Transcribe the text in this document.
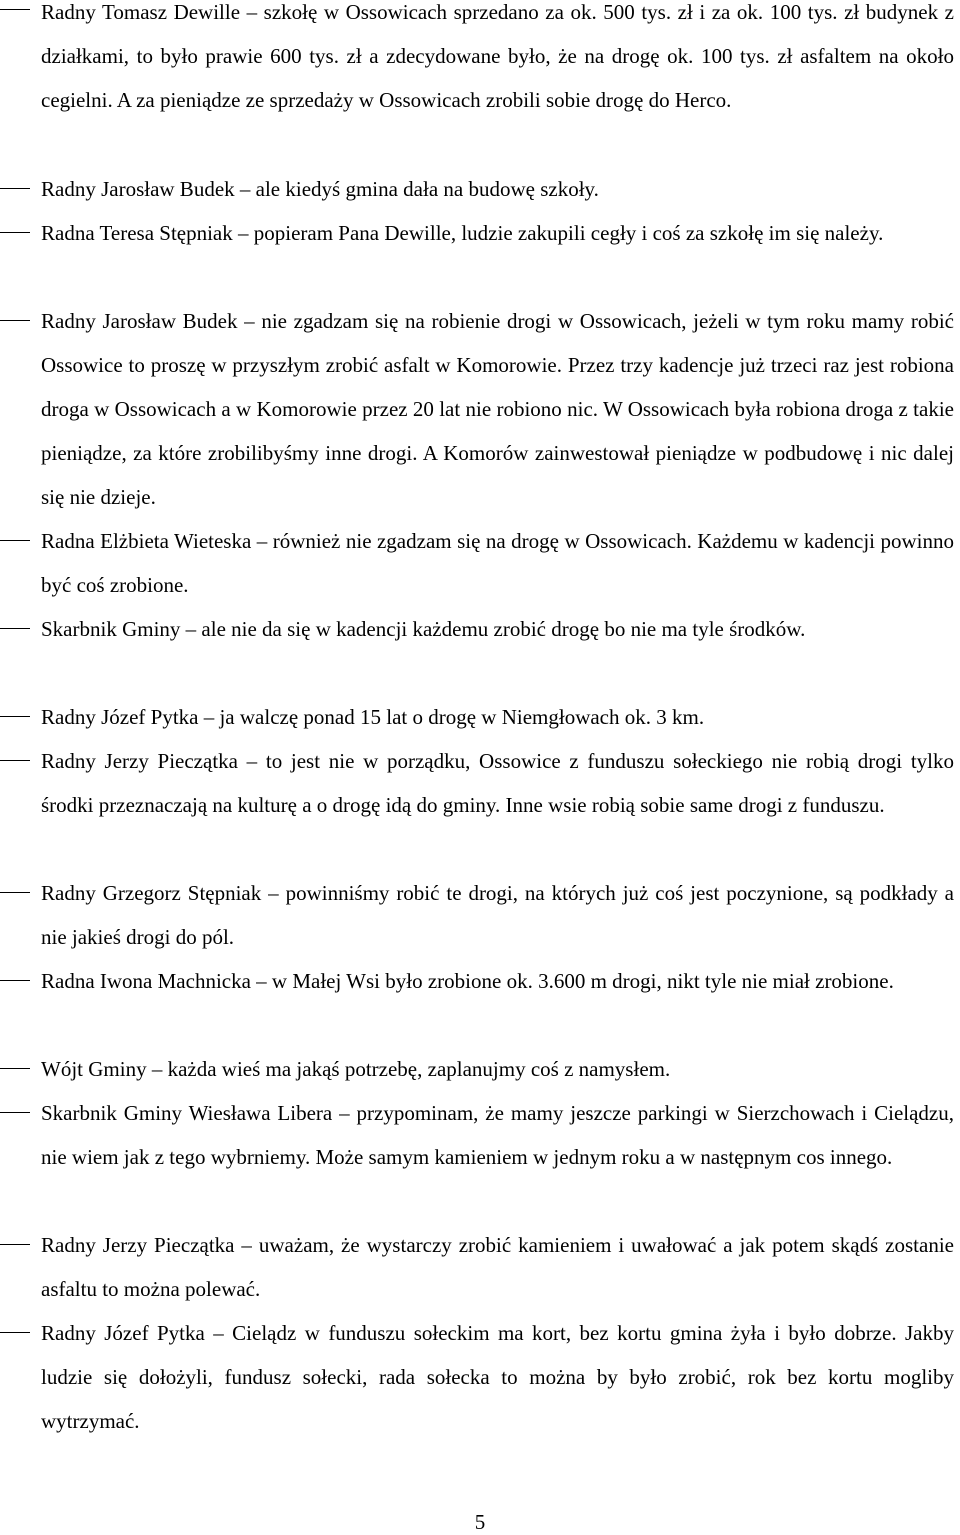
Radny Tomasz Dewille – szkołę w Ossowicach sprzedano za ok. 500 tys. zł i za ok. 100 tys. zł budynek z działkami, to było prawie 600 tys. zł a zdecydowane było, że na drogę ok. 100 tys. zł asfaltem na około cegielni. A za pieniądze ze sprzedaży w Ossowicach zrobili sobie drogę do Herco.
Radny Jarosław Budek – ale kiedyś gmina dała na budowę szkoły.
Radna Teresa Stępniak – popieram Pana Dewille, ludzie zakupili cegły i coś za szkołę im się należy.
Radny Jarosław Budek – nie zgadzam się na robienie drogi w Ossowicach, jeżeli w tym roku mamy robić Ossowice to proszę w przyszłym zrobić asfalt w Komorowie. Przez trzy kadencje już trzeci raz jest robiona droga w Ossowicach a w Komorowie przez 20 lat nie robiono nic. W Ossowicach była robiona droga z takie pieniądze, za które zrobilibyśmy inne drogi. A Komorów zainwestował pieniądze w podbudowę i nic dalej się nie dzieje.
Radna Elżbieta Wieteska – również nie zgadzam się na drogę w Ossowicach. Każdemu w kadencji powinno być coś zrobione.
Skarbnik Gminy – ale nie da się w kadencji każdemu zrobić drogę bo nie ma tyle środków.
Radny Józef Pytka – ja walczę ponad 15 lat o drogę w Niemgłowach ok. 3 km.
Radny Jerzy Pieczątka – to jest nie w porządku, Ossowice z funduszu sołeckiego nie robią drogi tylko środki przeznaczają na kulturę a o drogę idą do gminy. Inne wsie robią sobie same drogi z funduszu.
Radny Grzegorz Stępniak – powinniśmy robić te drogi, na których już coś jest poczynione, są podkłady a nie jakieś drogi do pól.
Radna Iwona Machnicka – w Małej Wsi było zrobione ok. 3.600 m drogi, nikt tyle nie miał zrobione.
Wójt Gminy – każda wieś ma jakąś potrzebę, zaplanujmy coś z namysłem.
Skarbnik Gminy Wiesława Libera – przypominam, że mamy jeszcze parkingi w Sierzchowach i Cielądzu, nie wiem jak z tego wybrniemy. Może samym kamieniem w jednym roku a w następnym cos innego.
Radny Jerzy Pieczątka – uważam, że wystarczy zrobić kamieniem i uwałować a jak potem skądś zostanie asfaltu to można polewać.
Radny Józef Pytka – Cielądz w funduszu sołeckim ma kort, bez kortu gmina żyła i było dobrze. Jakby ludzie się dołożyli, fundusz sołecki, rada sołecka to można by było zrobić, rok bez kortu mogliby wytrzymać.
5
